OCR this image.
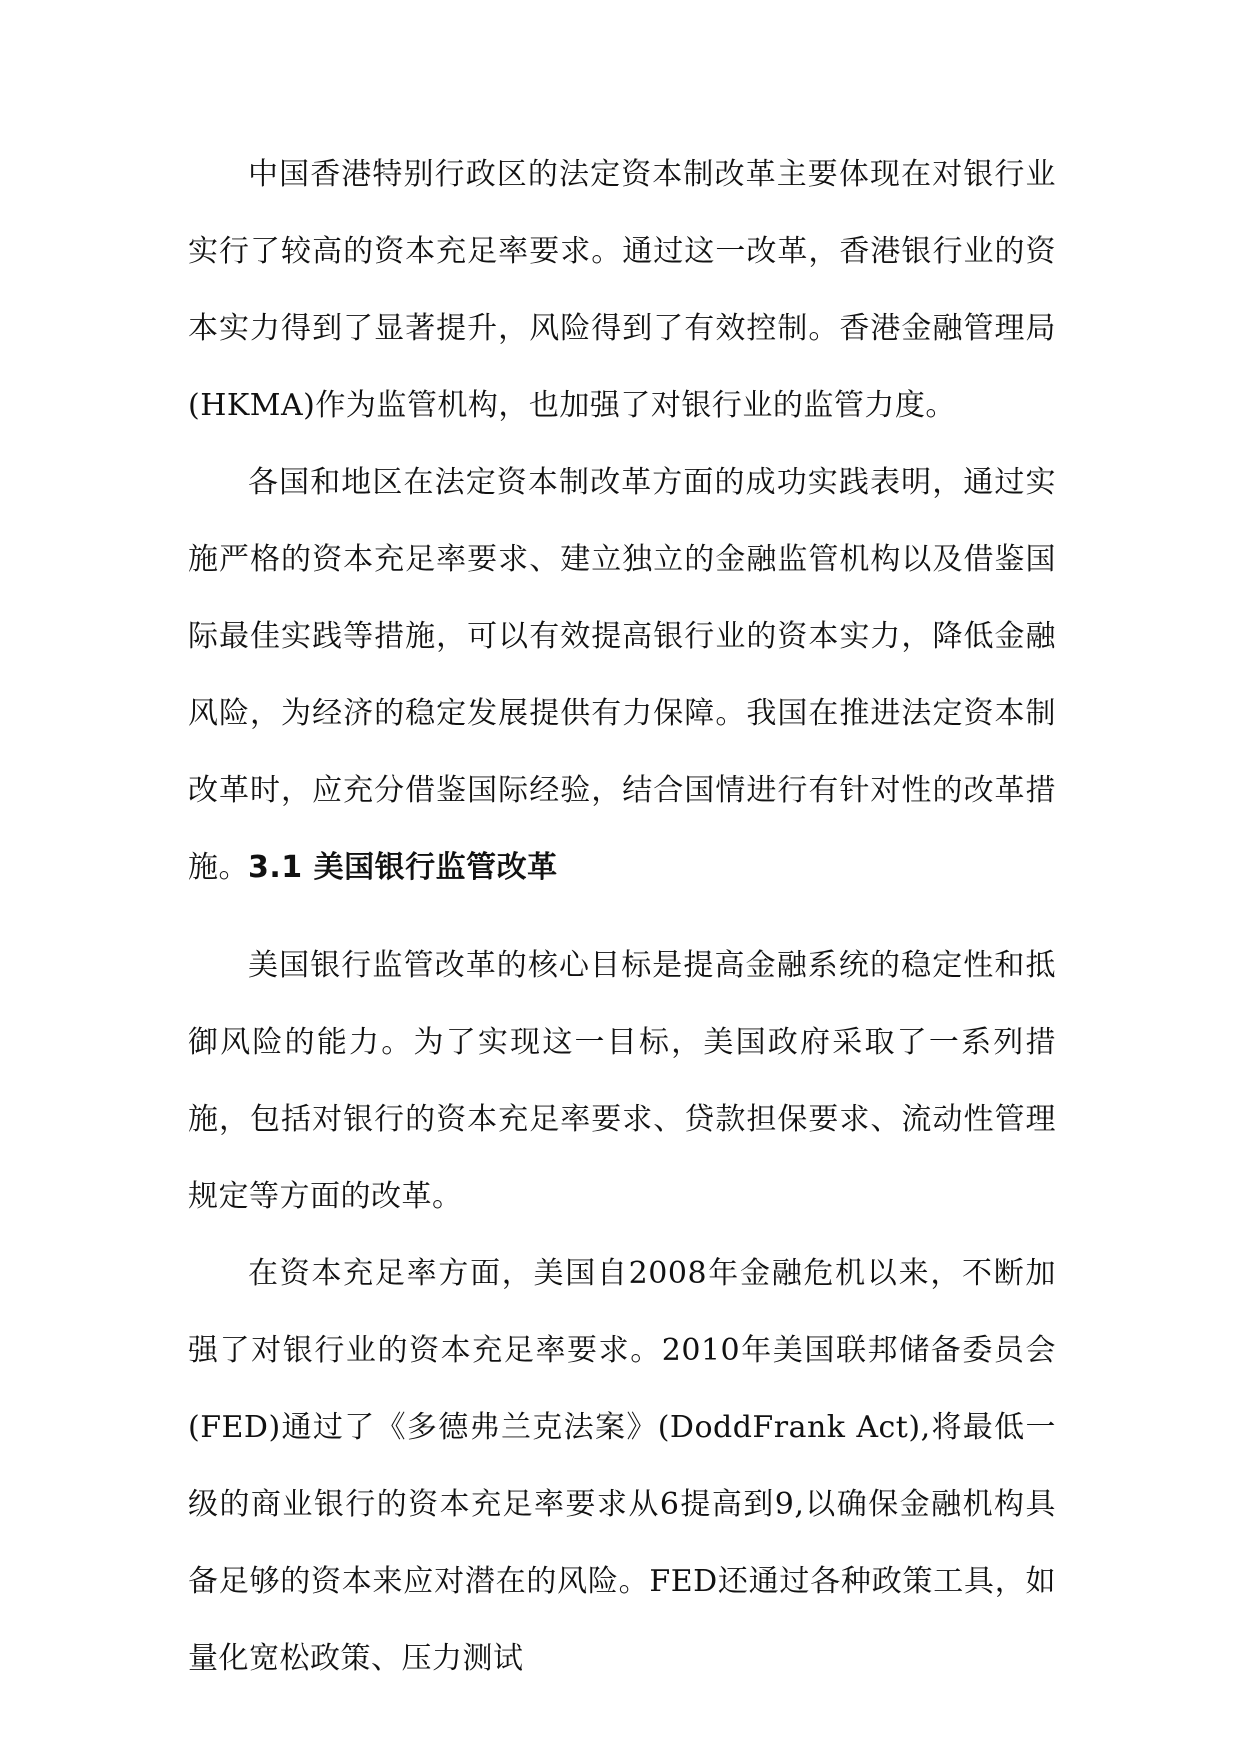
中国香港特别行政区的法定资本制改革主要体现在对银行业实行了较高的资本充足率要求。通过这一改革，香港银行业的资本实力得到了显著提升，风险得到了有效控制。香港金融管理局(HKMA)作为监管机构，也加强了对银行业的监管力度。

各国和地区在法定资本制改革方面的成功实践表明，通过实施严格的资本充足率要求、建立独立的金融监管机构以及借鉴国际最佳实践等措施，可以有效提高银行业的资本实力，降低金融风险，为经济的稳定发展提供有力保障。我国在推进法定资本制改革时，应充分借鉴国际经验，结合国情进行有针对性的改革措施。 3.1 美国银行监管改革

美国银行监管改革的核心目标是提高金融系统的稳定性和抵御风险的能力。为了实现这一目标，美国政府采取了一系列措施，包括对银行的资本充足率要求、贷款担保要求、流动性管理规定等方面的改革。

在资本充足率方面，美国自2008年金融危机以来，不断加强了对银行业的资本充足率要求。2010年美国联邦储备委员会(FED)通过了《多德弗兰克法案》(DoddFrank Act),将最低一级的商业银行的资本充足率要求从6提高到9,以确保金融机构具备足够的资本来应对潜在的风险。FED还通过各种政策工具，如量化宽松政策、压力测试
